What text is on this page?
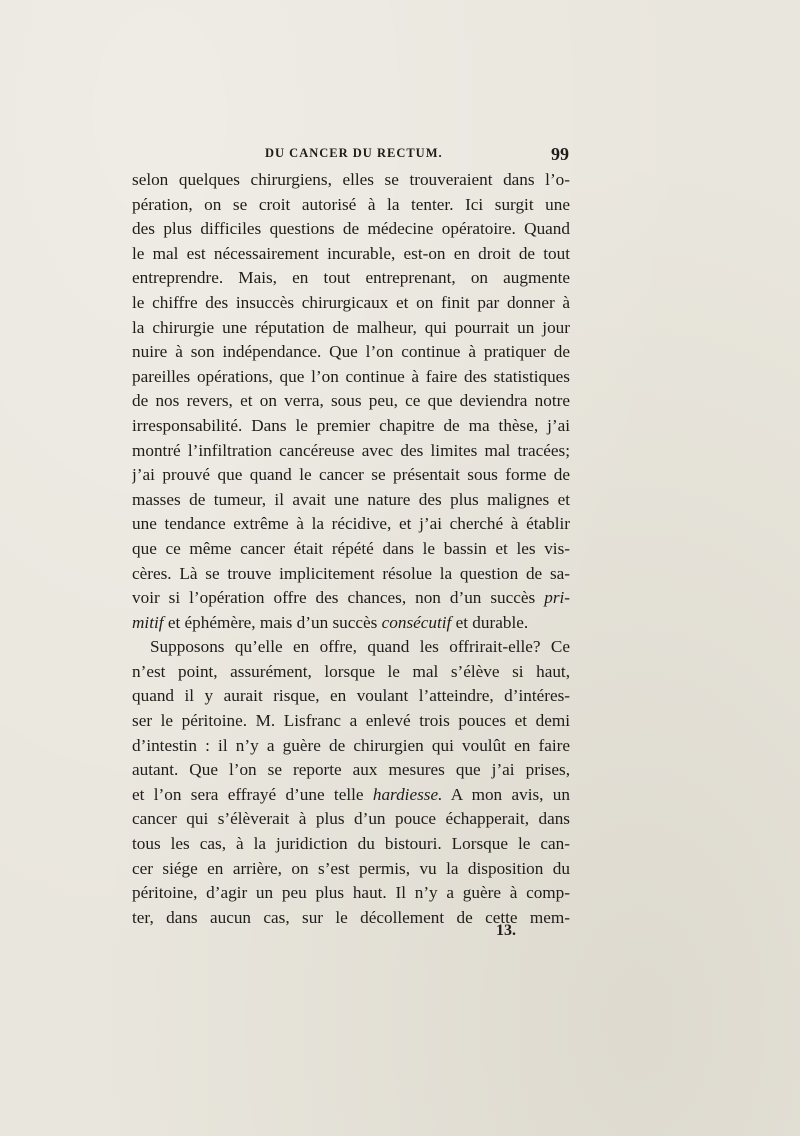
DU CANCER DU RECTUM.	99
selon quelques chirurgiens, elles se trouveraient dans l’o-
pération, on se croit autorisé à la tenter. Ici surgit une
des plus difficiles questions de médecine opératoire. Quand
le mal est nécessairement incurable, est-on en droit de tout
entreprendre. Mais, en tout entreprenant, on augmente
le chiffre des insuccès chirurgicaux et on finit par donner à
la chirurgie une réputation de malheur, qui pourrait un jour
nuire à son indépendance. Que l’on continue à pratiquer de
pareilles opérations, que l’on continue à faire des statistiques
de nos revers, et on verra, sous peu, ce que deviendra notre
irresponsabilité. Dans le premier chapitre de ma thèse, j’ai
montré l’infiltration cancéreuse avec des limites mal tracées;
j’ai prouvé que quand le cancer se présentait sous forme de
masses de tumeur, il avait une nature des plus malignes et
une tendance extrême à la récidive, et j’ai cherché à établir
que ce même cancer était répété dans le bassin et les vis-
cères. Là se trouve implicitement résolue la question de sa-
voir si l’opération offre des chances, non d’un succès pri-
mitif et éphémère, mais d’un succès consécutif et durable.
Supposons qu’elle en offre, quand les offrirait-elle? Ce
n’est point, assurément, lorsque le mal s’élève si haut,
quand il y aurait risque, en voulant l’atteindre, d’intéres-
ser le péritoine. M. Lisfranc a enlevé trois pouces et demi
d’intestin : il n’y a guère de chirurgien qui voulût en faire
autant. Que l’on se reporte aux mesures que j’ai prises,
et l’on sera effrayé d’une telle hardiesse. A mon avis, un
cancer qui s’élèverait à plus d’un pouce échapperait, dans
tous les cas, à la juridiction du bistouri. Lorsque le can-
cer siége en arrière, on s’est permis, vu la disposition du
péritoine, d’agir un peu plus haut. Il n’y a guère à comp-
ter, dans aucun cas, sur le décollement de cette mem-
13.
